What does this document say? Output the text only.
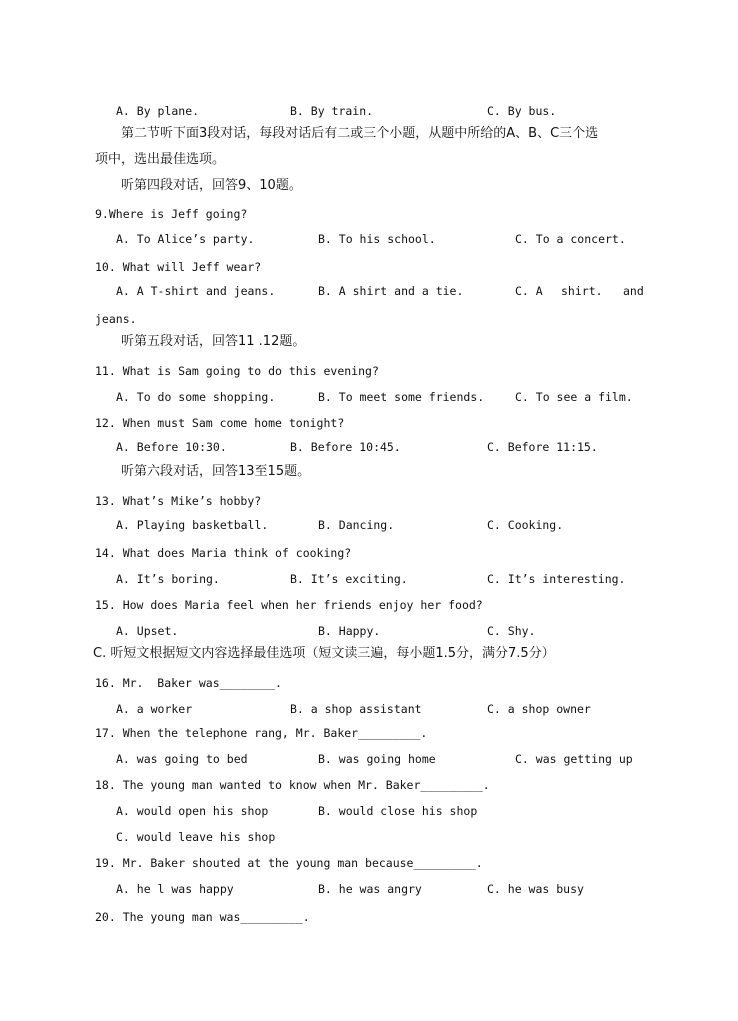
A. By plane.	B. By train.	C. By bus.
第二节听下面3段对话，每段对话后有二或三个小题，从题中所给的A、B、C三个选
项中，选出最佳选项。
听第四段对话，回答9、10题。
9.Where is Jeff going?
A. To Alice’s party.	B. To his school.	C. To a concert.
10. What will Jeff wear?
A. A T-shirt and jeans.	B. A shirt and a tie.	C. A shirt. and
jeans.
听第五段对话，回答11 .12题。
11. What is Sam going to do this evening?
A. To do some shopping.	B. To meet some friends.	C. To see a film.
12. When must Sam come home tonight?
A. Before 10:30.	B. Before 10:45.	C. Before 11:15.
听第六段对话，回答13至15题。
13. What’s Mike’s hobby?
A. Playing basketball.	B. Dancing.	C. Cooking.
14. What does Maria think of cooking?
A. It’s boring.	B. It’s exciting.	C. It’s interesting.
15. How does Maria feel when her friends enjoy her food?
A. Upset.	B. Happy.	C. Shy.
C. 听短文根据短文内容选择最佳选项（短文读三遍，每小题1.5分，满分7.5分）
16. Mr.  Baker was________.
A. a worker	B. a shop assistant	C. a shop owner
17. When the telephone rang, Mr. Baker_________.
A. was going to bed	B. was going home	C. was getting up
18. The young man wanted to know when Mr. Baker_________.
A. would open his shop	B. would close his shop
C. would leave his shop
19. Mr. Baker shouted at the young man because_________.
A. he l was happy	B. he was angry	C. he was busy
20. The young man was_________.
